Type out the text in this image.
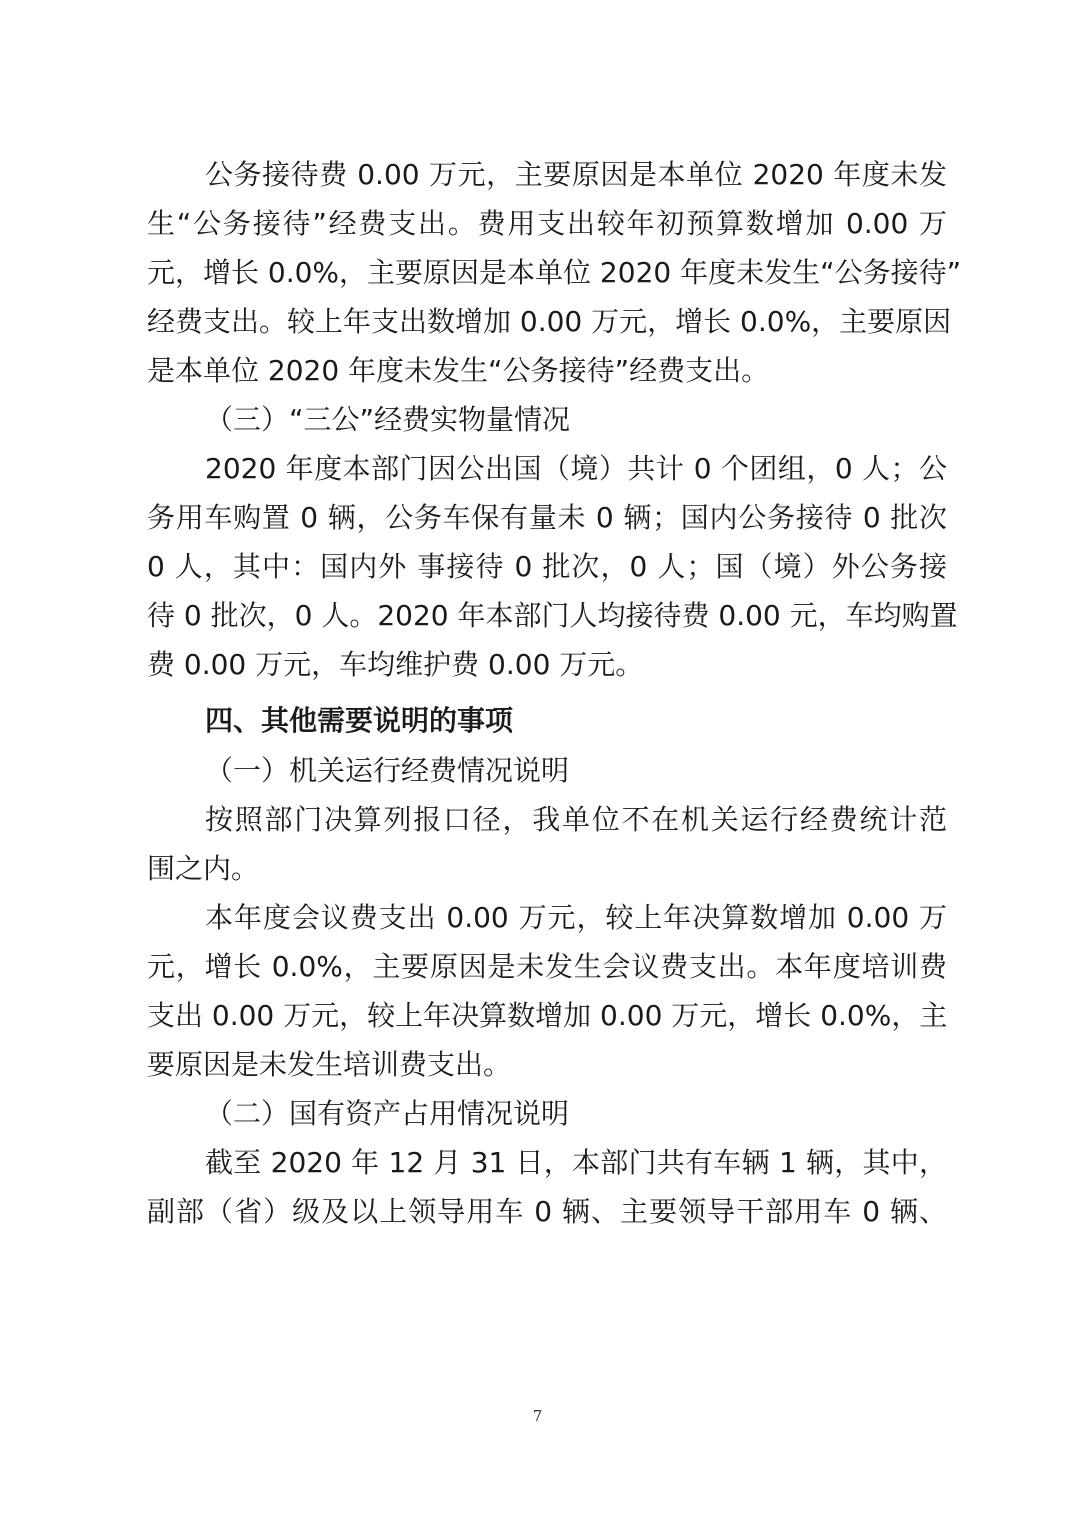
公务接待费 0.00 万元，主要原因是本单位 2020 年度未发
生“公务接待”经费支出。费用支出较年初预算数增加 0.00 万
元，增长 0.0%，主要原因是本单位 2020 年度未发生“公务接待”
经费支出。较上年支出数增加 0.00 万元，增长 0.0%，主要原因
是本单位 2020 年度未发生“公务接待”经费支出。
（三）“三公”经费实物量情况
2020 年度本部门因公出国（境）共计 0 个团组，0 人；公
务用车购置 0 辆，公务车保有量未 0 辆；国内公务接待 0 批次
0 人，其中：国内外 事接待 0 批次，0 人；国（境）外公务接
待 0 批次，0 人。2020 年本部门人均接待费 0.00 元，车均购置
费 0.00 万元，车均维护费 0.00 万元。
四、其他需要说明的事项
（一）机关运行经费情况说明
按照部门决算列报口径，我单位不在机关运行经费统计范
围之内。
本年度会议费支出 0.00 万元，较上年决算数增加 0.00 万
元，增长 0.0%，主要原因是未发生会议费支出。本年度培训费
支出 0.00 万元，较上年决算数增加 0.00 万元，增长 0.0%，主
要原因是未发生培训费支出。
（二）国有资产占用情况说明
截至 2020 年 12 月 31 日，本部门共有车辆 1 辆，其中，
副部（省）级及以上领导用车 0 辆、主要领导干部用车 0 辆、
7
